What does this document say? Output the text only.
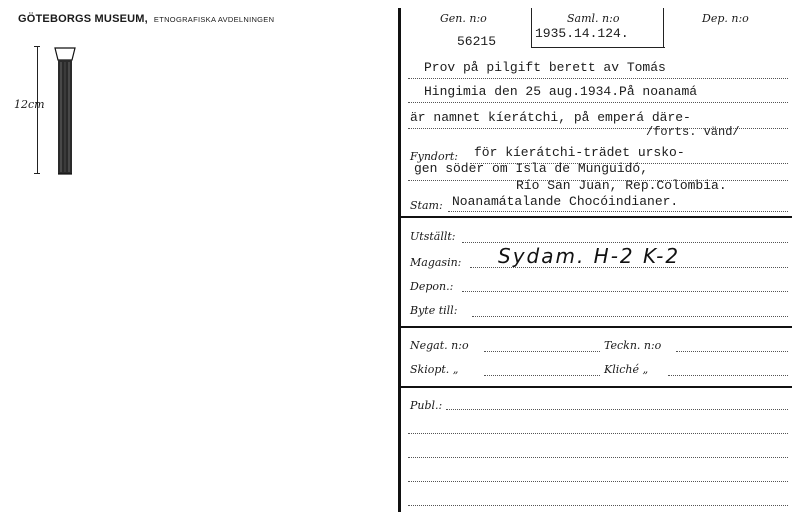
GÖTEBORGS MUSEUM, ETNOGRAFISKA AVDELNINGEN
12cm
Gen. n:o
56215
Saml. n:o
1935.14.124.
Dep. n:o
Prov på pilgift berett av Tomás
Hingimia den 25 aug.1934.På noanamá
är namnet kíerátchi, på emperá däre-
/forts. vänd/
Fyndort: för kíerátchi-trädet ursko-
gen söder om Isla de Munguidó,
Río San Juan, Rep.Colombia.
Stam: Noanamátalande Chocóindianer.
Utställt:
Magasin: Sydam. H-2 K-2
Depon.:
Byte till:
Negat. n:o	Teckn. n:o
Skiopt. „	Kliché „
Publ.:
